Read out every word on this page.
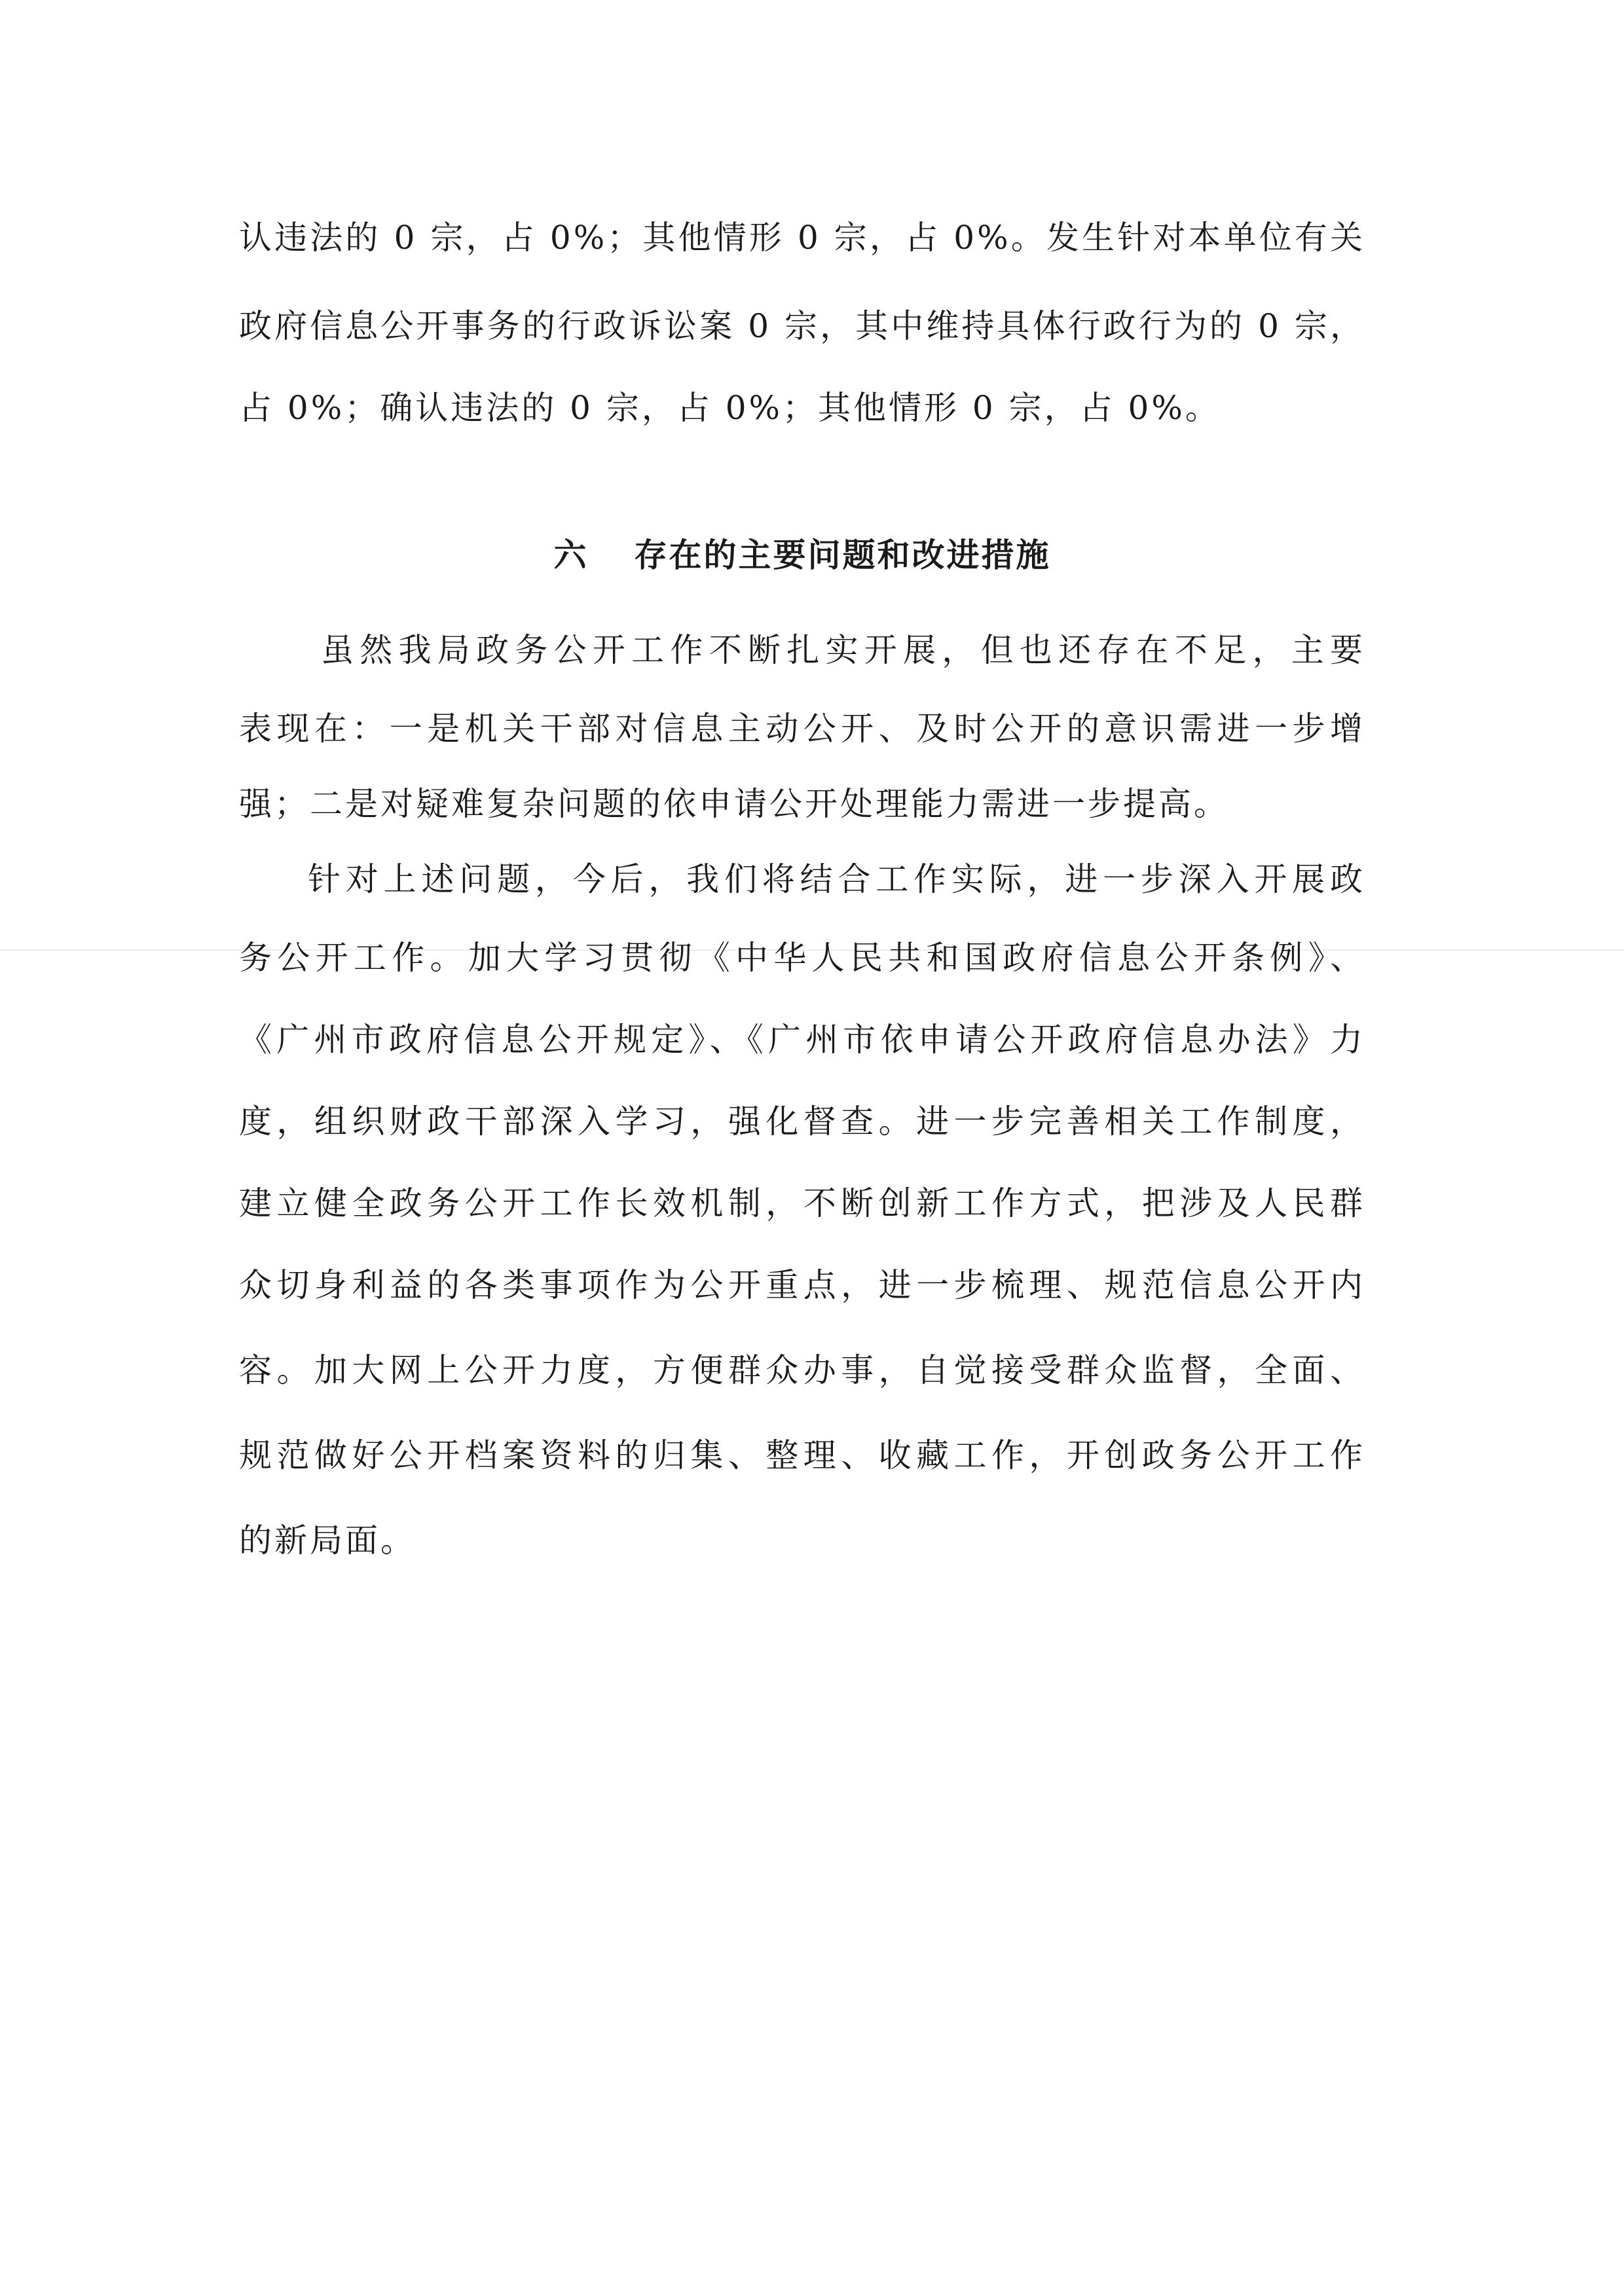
认违法的 0 宗，占 0%；其他情形 0 宗，占 0%。发生针对本单位有关
政府信息公开事务的行政诉讼案 0 宗，其中维持具体行政行为的 0 宗，
占 0%；确认违法的 0 宗，占 0%；其他情形 0 宗，占 0%。
六 存在的主要问题和改进措施
虽然我局政务公开工作不断扎实开展，但也还存在不足，主要
表现在：一是机关干部对信息主动公开、及时公开的意识需进一步增
强；二是对疑难复杂问题的依申请公开处理能力需进一步提高。
针对上述问题，今后，我们将结合工作实际，进一步深入开展政
务公开工作。加大学习贯彻《中华人民共和国政府信息公开条例》、
《广州市政府信息公开规定》、《广州市依申请公开政府信息办法》力
度，组织财政干部深入学习，强化督查。进一步完善相关工作制度，
建立健全政务公开工作长效机制，不断创新工作方式，把涉及人民群
众切身利益的各类事项作为公开重点，进一步梳理、规范信息公开内
容。加大网上公开力度，方便群众办事，自觉接受群众监督，全面、
规范做好公开档案资料的归集、整理、收藏工作，开创政务公开工作
的新局面。
